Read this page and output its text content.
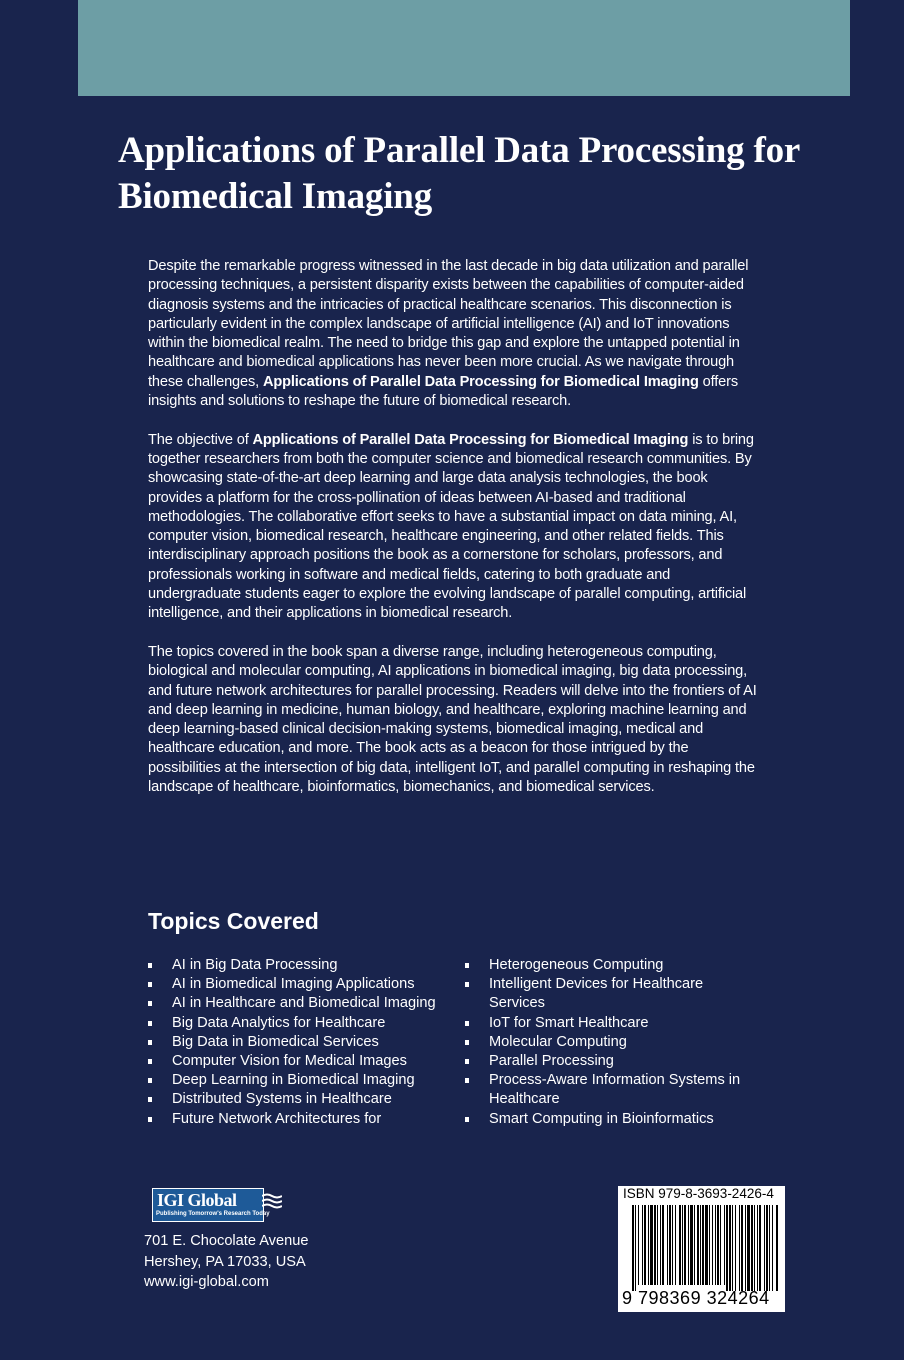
Applications of Parallel Data Processing for Biomedical Imaging

Despite the remarkable progress witnessed in the last decade in big data utilization and parallel processing techniques, a persistent disparity exists between the capabilities of computer-aided diagnosis systems and the intricacies of practical healthcare scenarios. This disconnection is particularly evident in the complex landscape of artificial intelligence (AI) and IoT innovations within the biomedical realm. The need to bridge this gap and explore the untapped potential in healthcare and biomedical applications has never been more crucial. As we navigate through these challenges, Applications of Parallel Data Processing for Biomedical Imaging offers insights and solutions to reshape the future of biomedical research.

The objective of Applications of Parallel Data Processing for Biomedical Imaging is to bring together researchers from both the computer science and biomedical research communities. By showcasing state-of-the-art deep learning and large data analysis technologies, the book provides a platform for the cross-pollination of ideas between AI-based and traditional methodologies. The collaborative effort seeks to have a substantial impact on data mining, AI, computer vision, biomedical research, healthcare engineering, and other related fields. This interdisciplinary approach positions the book as a cornerstone for scholars, professors, and professionals working in software and medical fields, catering to both graduate and undergraduate students eager to explore the evolving landscape of parallel computing, artificial intelligence, and their applications in biomedical research.

The topics covered in the book span a diverse range, including heterogeneous computing, biological and molecular computing, AI applications in biomedical imaging, big data processing, and future network architectures for parallel processing. Readers will delve into the frontiers of AI and deep learning in medicine, human biology, and healthcare, exploring machine learning and deep learning-based clinical decision-making systems, biomedical imaging, medical and healthcare education, and more. The book acts as a beacon for those intrigued by the possibilities at the intersection of big data, intelligent IoT, and parallel computing in reshaping the landscape of healthcare, bioinformatics, biomechanics, and biomedical services.

Topics Covered
AI in Big Data Processing
AI in Biomedical Imaging Applications
AI in Healthcare and Biomedical Imaging
Big Data Analytics for Healthcare
Big Data in Biomedical Services
Computer Vision for Medical Images
Deep Learning in Biomedical Imaging
Distributed Systems in Healthcare
Future Network Architectures for
Heterogeneous Computing
Intelligent Devices for Healthcare Services
IoT for Smart Healthcare
Molecular Computing
Parallel Processing
Process-Aware Information Systems in Healthcare
Smart Computing in Bioinformatics
IGI Global
Publishing Tomorrow's Research Today
701 E. Chocolate Avenue
Hershey, PA 17033, USA
www.igi-global.com
ISBN 979-8-3693-2426-4
9 798369 324264
